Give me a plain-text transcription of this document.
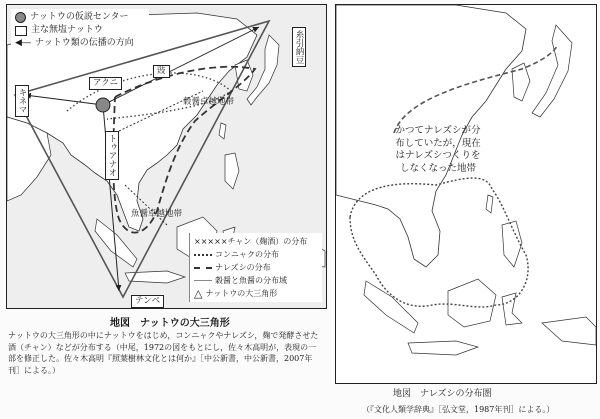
ナットウの仮説センター
主な無塩ナットウ
◀― ナットウ類の伝播の方向	糸引納豆
キネマ
アクニ
トゥアナオ
テンペ
豉
穀醤卓越地帯
魚醤卓越地帯
×××××チャン（麹酒）の分布
コンニャクの分布
ナレズシの分布
穀醤と魚醤の分布域
△ ナットウの大三角形
地図　ナットウの大三角形
ナットウの大三角形の中にナットウをはじめ，コンニャクやナレズシ，麹で発酵させた酒（チャン）などが分布する（中尾，1972の図をもとにし，佐々木高明が，表現の一部を修正した。佐々木高明『照葉樹林文化とは何か』［中公新書，中公新書，2007年刊］による。）
かつてナレズシが分布していたが，現在はナレズシつくりをしなくなった地帯
地図　ナレズシの分布圏
（『文化人類学辞典』［弘文堂，1987年刊］による。）
